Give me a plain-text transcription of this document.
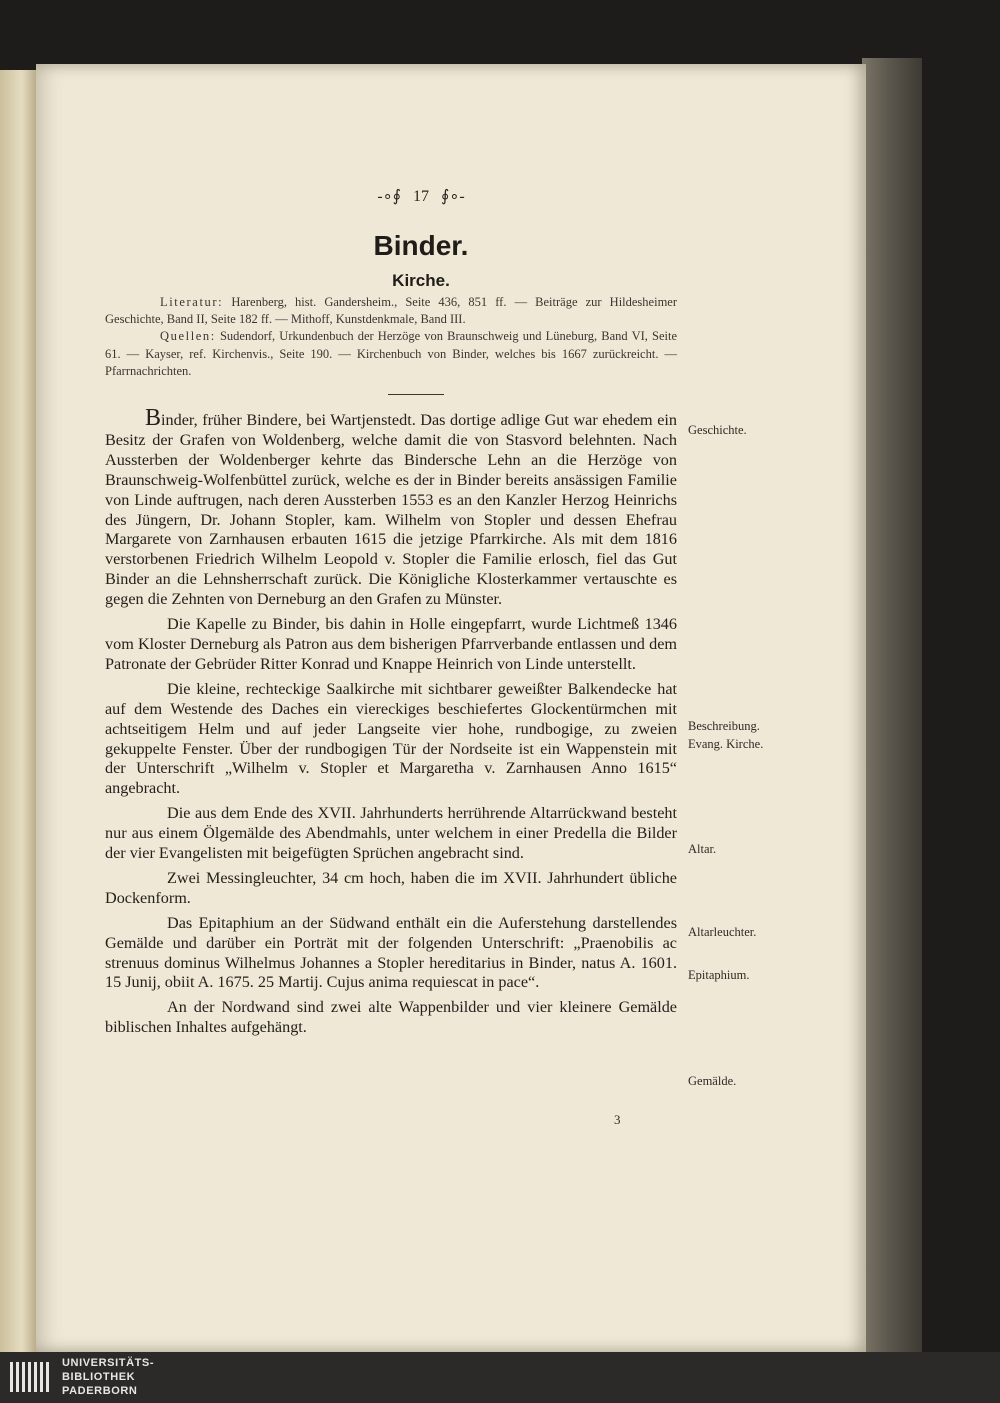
-∘∮ 17 ∮∘-
Binder.
Kirche.

Literatur: Harenberg, hist. Gandersheim., Seite 436, 851 ff. — Beiträge zur Hildesheimer Geschichte, Band II, Seite 182 ff. — Mithoff, Kunstdenkmale, Band III.

Quellen: Sudendorf, Urkundenbuch der Herzöge von Braunschweig und Lüneburg, Band VI, Seite 61. — Kayser, ref. Kirchenvis., Seite 190. — Kirchenbuch von Binder, welches bis 1667 zurückreicht. — Pfarrnachrichten.

Binder, früher Bindere, bei Wartjenstedt. Das dortige adlige Gut war ehedem ein Besitz der Grafen von Woldenberg, welche damit die von Stasvord belehnten. Nach Aussterben der Woldenberger kehrte das Bindersche Lehn an die Herzöge von Braunschweig-Wolfenbüttel zurück, welche es der in Binder bereits ansässigen Familie von Linde auftrugen, nach deren Aussterben 1553 es an den Kanzler Herzog Heinrichs des Jüngern, Dr. Johann Stopler, kam. Wilhelm von Stopler und dessen Ehefrau Margarete von Zarnhausen erbauten 1615 die jetzige Pfarrkirche. Als mit dem 1816 verstorbenen Friedrich Wilhelm Leopold v. Stopler die Familie erlosch, fiel das Gut Binder an die Lehnsherrschaft zurück. Die Königliche Klosterkammer vertauschte es gegen die Zehnten von Derneburg an den Grafen zu Münster.

Die Kapelle zu Binder, bis dahin in Holle eingepfarrt, wurde Lichtmeß 1346 vom Kloster Derneburg als Patron aus dem bisherigen Pfarrverbande entlassen und dem Patronate der Gebrüder Ritter Konrad und Knappe Heinrich von Linde unterstellt.

Die kleine, rechteckige Saalkirche mit sichtbarer geweißter Balkendecke hat auf dem Westende des Daches ein viereckiges beschiefertes Glockentürmchen mit achtseitigem Helm und auf jeder Langseite vier hohe, rundbogige, zu zweien gekuppelte Fenster. Über der rundbogigen Tür der Nordseite ist ein Wappenstein mit der Unterschrift „Wilhelm v. Stopler et Margaretha v. Zarnhausen Anno 1615“ angebracht.

Die aus dem Ende des XVII. Jahrhunderts herrührende Altarrückwand besteht nur aus einem Ölgemälde des Abendmahls, unter welchem in einer Predella die Bilder der vier Evangelisten mit beigefügten Sprüchen angebracht sind.

Zwei Messingleuchter, 34 cm hoch, haben die im XVII. Jahrhundert übliche Dockenform.

Das Epitaphium an der Südwand enthält ein die Auferstehung darstellendes Gemälde und darüber ein Porträt mit der folgenden Unterschrift: „Praenobilis ac strenuus dominus Wilhelmus Johannes a Stopler hereditarius in Binder, natus A. 1601. 15 Junij, obiit A. 1675. 25 Martij. Cujus anima requiescat in pace“.

An der Nordwand sind zwei alte Wappenbilder und vier kleinere Gemälde biblischen Inhaltes aufgehängt.

Geschichte.
Beschreibung.
Evang. Kirche.
Altar.
Altarleuchter.
Epitaphium.
Gemälde.
3
UNIVERSITÄTS-
BIBLIOTHEK
PADERBORN
